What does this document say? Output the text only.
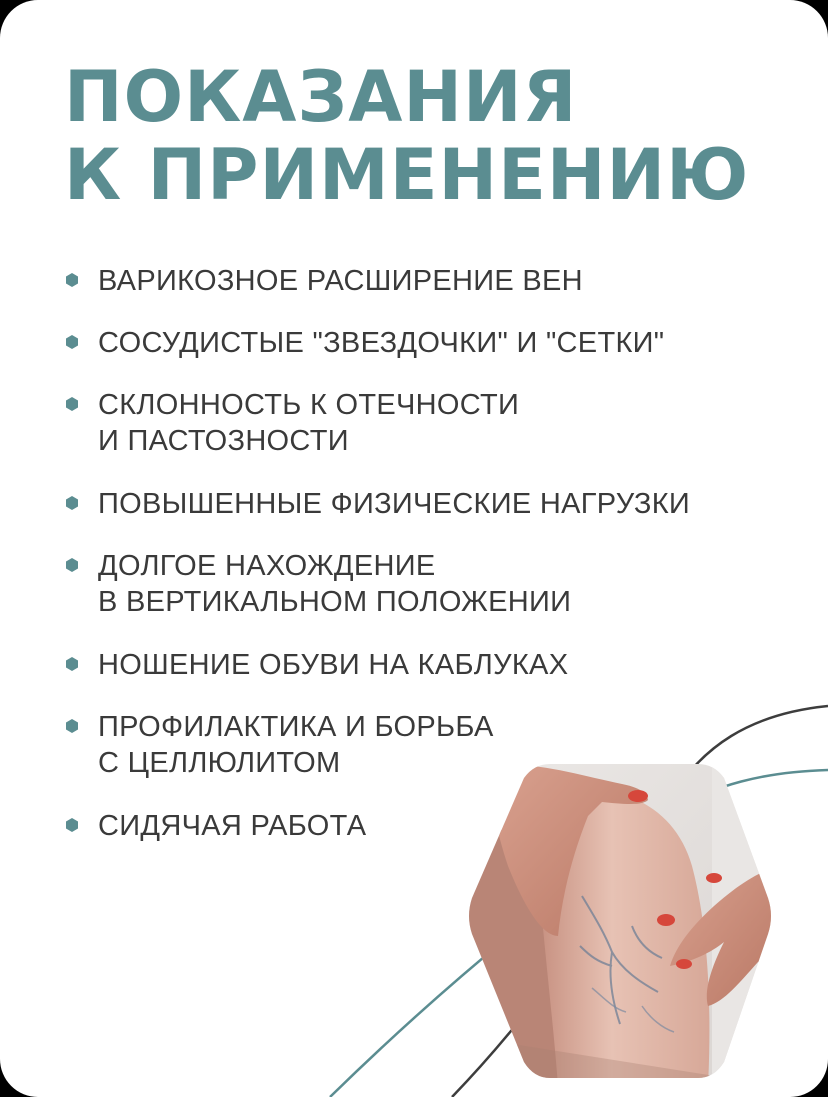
ПОКАЗАНИЯ
К ПРИМЕНЕНИЮ
ВАРИКОЗНОЕ РАСШИРЕНИЕ ВЕН
СОСУДИСТЫЕ "ЗВЕЗДОЧКИ" И "СЕТКИ"
СКЛОННОСТЬ К ОТЕЧНОСТИ
И ПАСТОЗНОСТИ
ПОВЫШЕННЫЕ ФИЗИЧЕСКИЕ НАГРУЗКИ
ДОЛГОЕ НАХОЖДЕНИЕ
В ВЕРТИКАЛЬНОМ ПОЛОЖЕНИИ
НОШЕНИЕ ОБУВИ НА КАБЛУКАХ
ПРОФИЛАКТИКА И БОРЬБА
С ЦЕЛЛЮЛИТОМ
СИДЯЧАЯ РАБОТА
